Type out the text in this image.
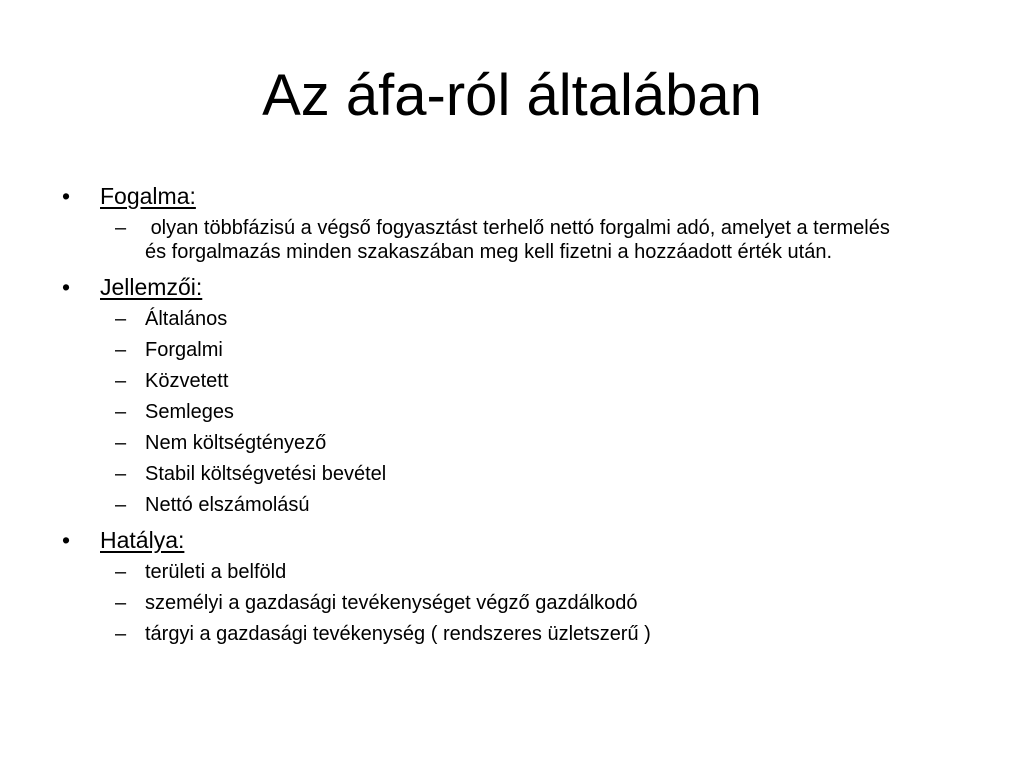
Az áfa-ról általában
•	Fogalma:
– olyan többfázisú a végső fogyasztást terhelő nettó forgalmi adó, amelyet a termelés és forgalmazás minden szakaszában meg kell fizetni a hozzáadott érték után.
•	Jellemzői:
– Általános
– Forgalmi
– Közvetett
– Semleges
– Nem költségtényező
– Stabil költségvetési bevétel
– Nettó elszámolású
•	Hatálya:
– területi a belföld
– személyi a gazdasági tevékenységet végző gazdálkodó
– tárgyi a gazdasági tevékenység ( rendszeres üzletszerű )
